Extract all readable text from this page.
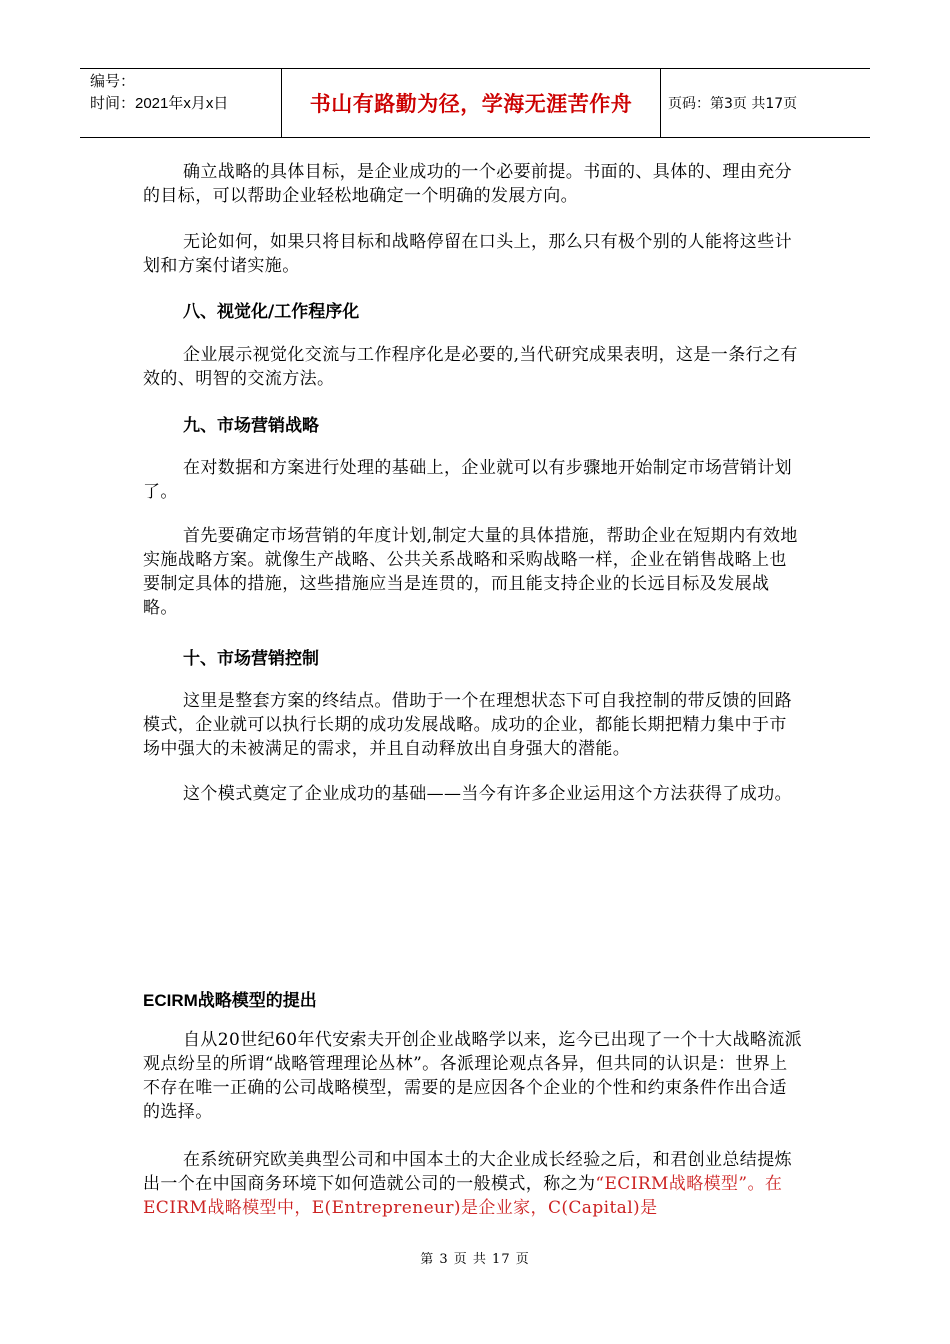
编号：
时间：2021年x月x日	书山有路勤为径，学海无涯苦作舟	页码：第3页 共17页
确立战略的具体目标，是企业成功的一个必要前提。书面的、具体的、理由充分的目标，可以帮助企业轻松地确定一个明确的发展方向。
无论如何，如果只将目标和战略停留在口头上，那么只有极个别的人能将这些计划和方案付诸实施。
八、视觉化/工作程序化
企业展示视觉化交流与工作程序化是必要的,当代研究成果表明，这是一条行之有效的、明智的交流方法。
九、市场营销战略
在对数据和方案进行处理的基础上，企业就可以有步骤地开始制定市场营销计划了。
首先要确定市场营销的年度计划,制定大量的具体措施，帮助企业在短期内有效地实施战略方案。就像生产战略、公共关系战略和采购战略一样，企业在销售战略上也要制定具体的措施，这些措施应当是连贯的，而且能支持企业的长远目标及发展战略。
十、市场营销控制
这里是整套方案的终结点。借助于一个在理想状态下可自我控制的带反馈的回路模式，企业就可以执行长期的成功发展战略。成功的企业，都能长期把精力集中于市场中强大的未被满足的需求，并且自动释放出自身强大的潜能。
这个模式奠定了企业成功的基础——当今有许多企业运用这个方法获得了成功。
ECIRM战略模型的提出
自从20世纪60年代安索夫开创企业战略学以来，迄今已出现了一个十大战略流派观点纷呈的所谓“战略管理理论丛林”。各派理论观点各异，但共同的认识是：世界上不存在唯一正确的公司战略模型，需要的是应因各个企业的个性和约束条件作出合适的选择。
在系统研究欧美典型公司和中国本土的大企业成长经验之后，和君创业总结提炼出一个在中国商务环境下如何造就公司的一般模式，称之为“ECIRM战略模型”。在 ECIRM战略模型中，E(Entrepreneur)是企业家，C(Capital)是
第 3 页 共 17 页
